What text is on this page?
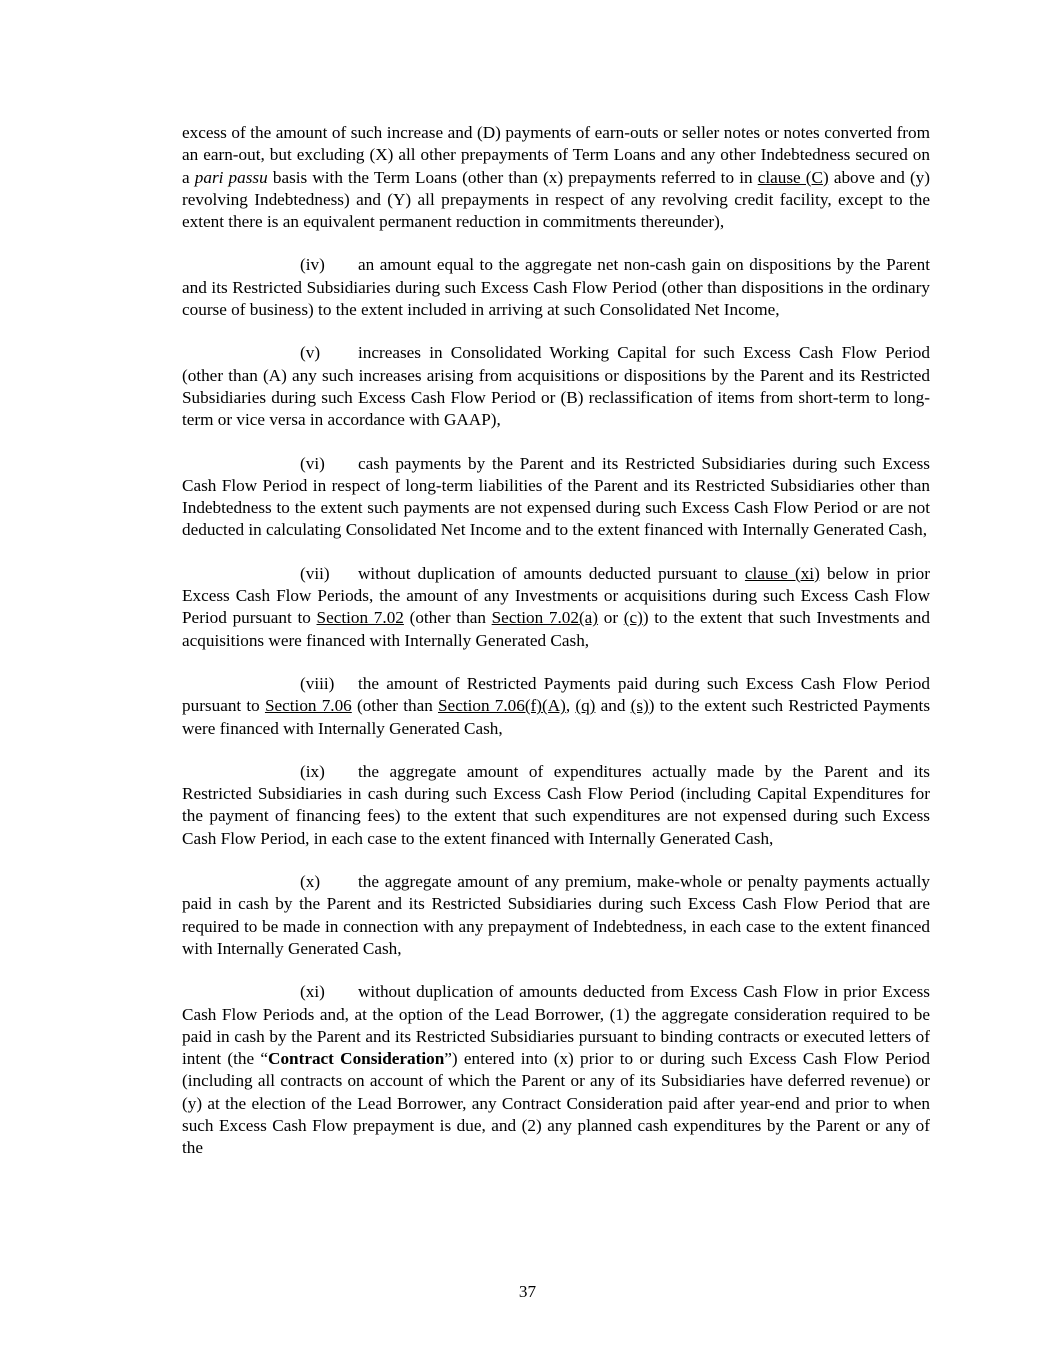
excess of the amount of such increase and (D) payments of earn-outs or seller notes or notes converted from an earn-out, but excluding (X) all other prepayments of Term Loans and any other Indebtedness secured on a pari passu basis with the Term Loans (other than (x) prepayments referred to in clause (C) above and (y) revolving Indebtedness) and (Y) all prepayments in respect of any revolving credit facility, except to the extent there is an equivalent permanent reduction in commitments thereunder),

(iv) an amount equal to the aggregate net non-cash gain on dispositions by the Parent and its Restricted Subsidiaries during such Excess Cash Flow Period (other than dispositions in the ordinary course of business) to the extent included in arriving at such Consolidated Net Income,

(v) increases in Consolidated Working Capital for such Excess Cash Flow Period (other than (A) any such increases arising from acquisitions or dispositions by the Parent and its Restricted Subsidiaries during such Excess Cash Flow Period or (B) reclassification of items from short-term to long-term or vice versa in accordance with GAAP),

(vi) cash payments by the Parent and its Restricted Subsidiaries during such Excess Cash Flow Period in respect of long-term liabilities of the Parent and its Restricted Subsidiaries other than Indebtedness to the extent such payments are not expensed during such Excess Cash Flow Period or are not deducted in calculating Consolidated Net Income and to the extent financed with Internally Generated Cash,

(vii) without duplication of amounts deducted pursuant to clause (xi) below in prior Excess Cash Flow Periods, the amount of any Investments or acquisitions during such Excess Cash Flow Period pursuant to Section 7.02 (other than Section 7.02(a) or (c)) to the extent that such Investments and acquisitions were financed with Internally Generated Cash,

(viii) the amount of Restricted Payments paid during such Excess Cash Flow Period pursuant to Section 7.06 (other than Section 7.06(f)(A), (q) and (s)) to the extent such Restricted Payments were financed with Internally Generated Cash,

(ix) the aggregate amount of expenditures actually made by the Parent and its Restricted Subsidiaries in cash during such Excess Cash Flow Period (including Capital Expenditures for the payment of financing fees) to the extent that such expenditures are not expensed during such Excess Cash Flow Period, in each case to the extent financed with Internally Generated Cash,

(x) the aggregate amount of any premium, make-whole or penalty payments actually paid in cash by the Parent and its Restricted Subsidiaries during such Excess Cash Flow Period that are required to be made in connection with any prepayment of Indebtedness, in each case to the extent financed with Internally Generated Cash,

(xi) without duplication of amounts deducted from Excess Cash Flow in prior Excess Cash Flow Periods and, at the option of the Lead Borrower, (1) the aggregate consideration required to be paid in cash by the Parent and its Restricted Subsidiaries pursuant to binding contracts or executed letters of intent (the “Contract Consideration”) entered into (x) prior to or during such Excess Cash Flow Period (including all contracts on account of which the Parent or any of its Subsidiaries have deferred revenue) or (y) at the election of the Lead Borrower, any Contract Consideration paid after year-end and prior to when such Excess Cash Flow prepayment is due, and (2) any planned cash expenditures by the Parent or any of the

37
